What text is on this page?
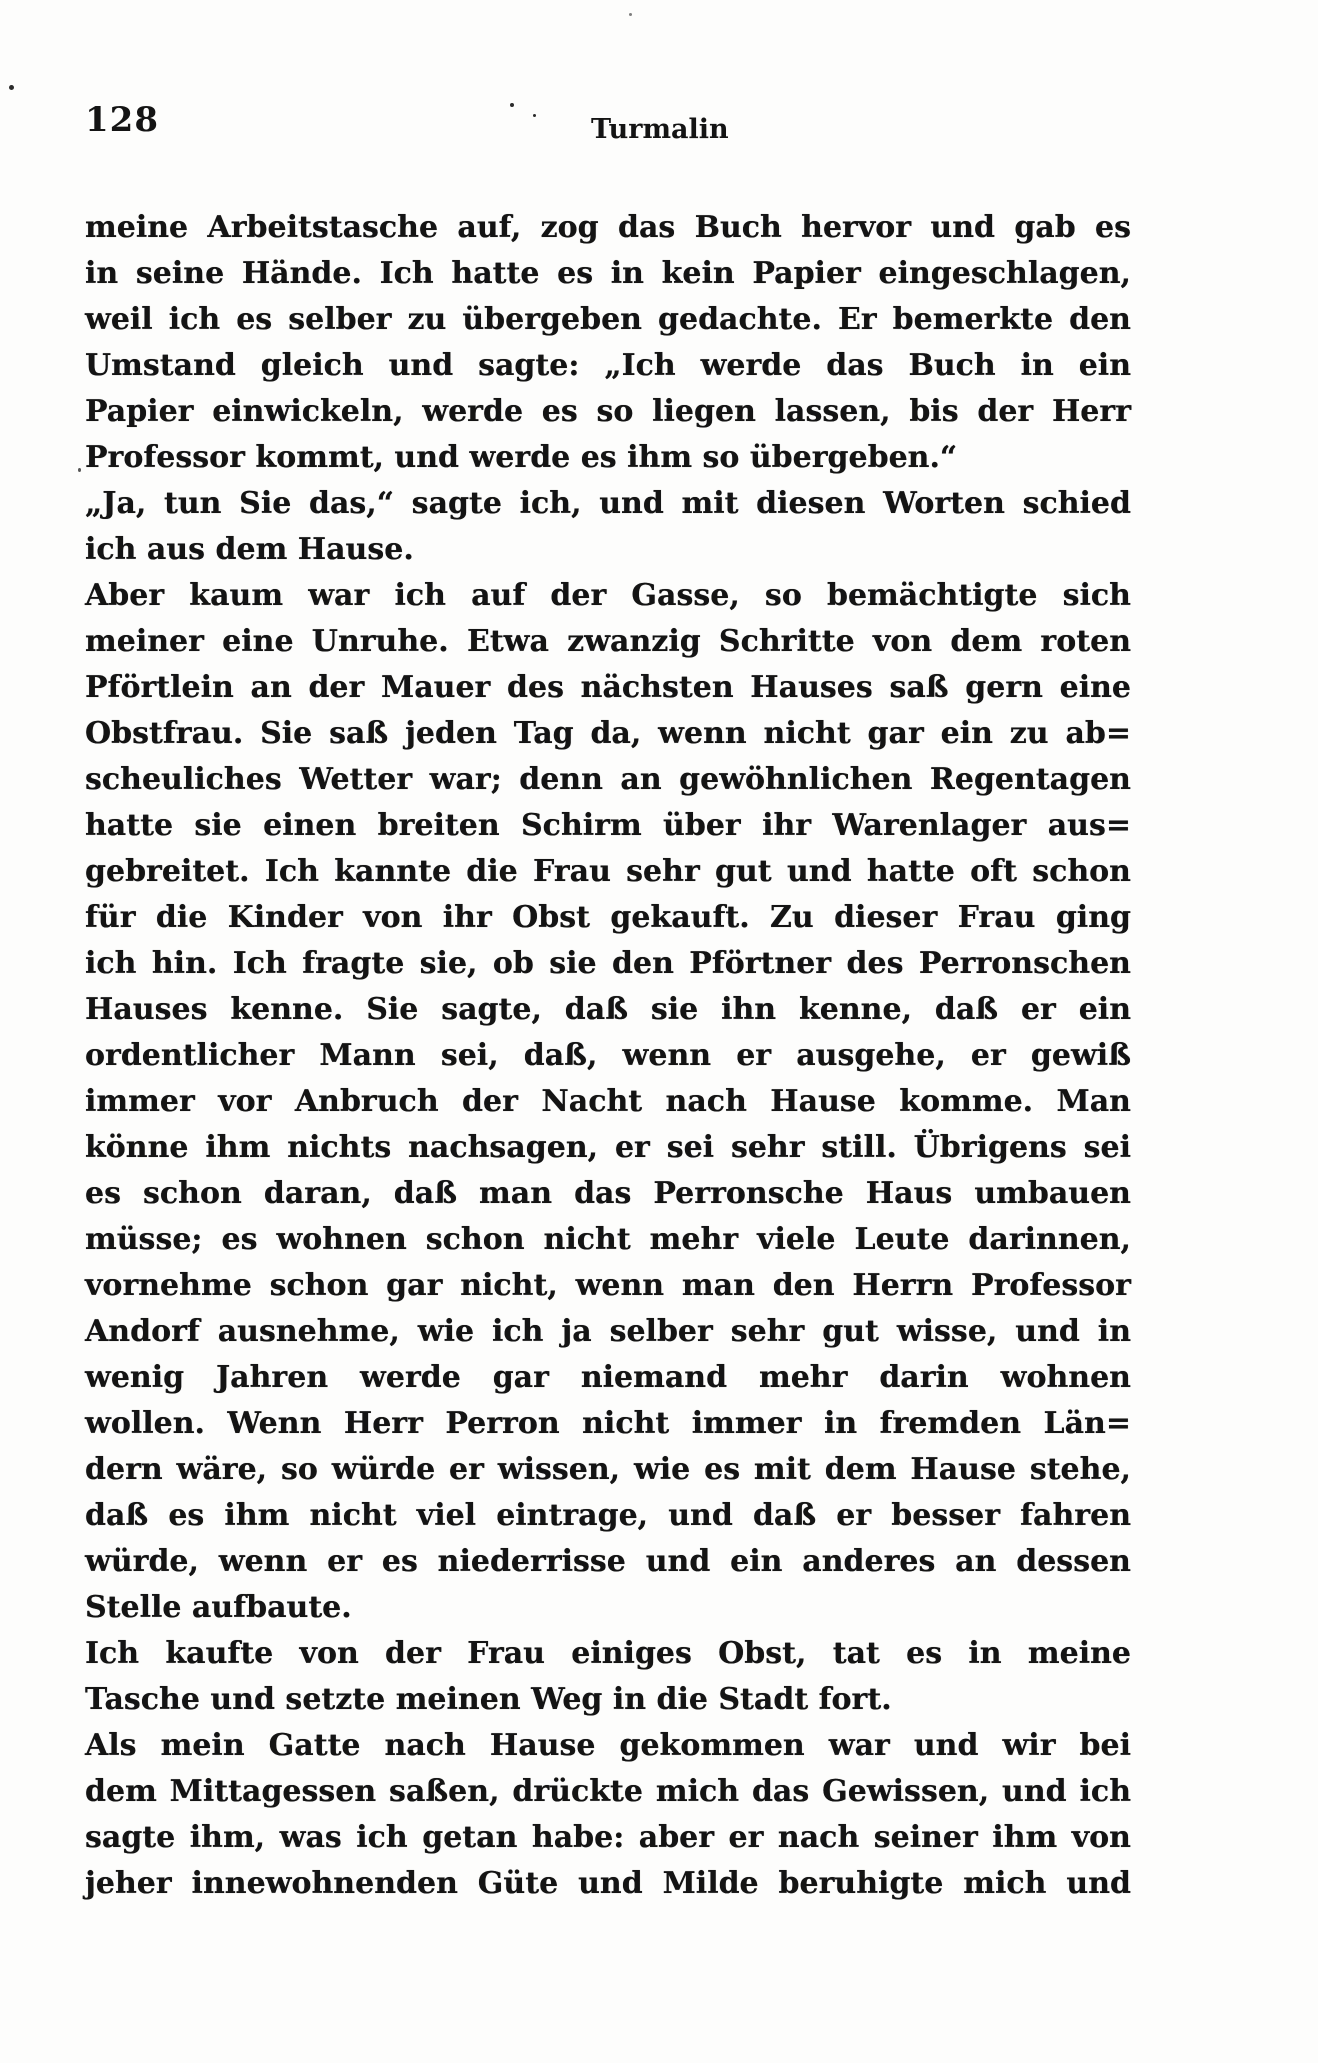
128	Turmalin
meine Arbeitstasche auf, zog das Buch hervor und gab es
in seine Hände. Ich hatte es in kein Papier eingeschlagen,
weil ich es selber zu übergeben gedachte. Er bemerkte den
Umstand gleich und sagte: „Ich werde das Buch in ein
Papier einwickeln, werde es so liegen lassen, bis der Herr
Professor kommt, und werde es ihm so übergeben.“
„Ja, tun Sie das,“ sagte ich, und mit diesen Worten schied
ich aus dem Hause.
Aber kaum war ich auf der Gasse, so bemächtigte sich
meiner eine Unruhe. Etwa zwanzig Schritte von dem roten
Pförtlein an der Mauer des nächsten Hauses saß gern eine
Obstfrau. Sie saß jeden Tag da, wenn nicht gar ein zu ab=
scheuliches Wetter war; denn an gewöhnlichen Regentagen
hatte sie einen breiten Schirm über ihr Warenlager aus=
gebreitet. Ich kannte die Frau sehr gut und hatte oft schon
für die Kinder von ihr Obst gekauft. Zu dieser Frau ging
ich hin. Ich fragte sie, ob sie den Pförtner des Perronschen
Hauses kenne. Sie sagte, daß sie ihn kenne, daß er ein
ordentlicher Mann sei, daß, wenn er ausgehe, er gewiß
immer vor Anbruch der Nacht nach Hause komme. Man
könne ihm nichts nachsagen, er sei sehr still. Übrigens sei
es schon daran, daß man das Perronsche Haus umbauen
müsse; es wohnen schon nicht mehr viele Leute darinnen,
vornehme schon gar nicht, wenn man den Herrn Professor
Andorf ausnehme, wie ich ja selber sehr gut wisse, und in
wenig Jahren werde gar niemand mehr darin wohnen
wollen. Wenn Herr Perron nicht immer in fremden Län=
dern wäre, so würde er wissen, wie es mit dem Hause stehe,
daß es ihm nicht viel eintrage, und daß er besser fahren
würde, wenn er es niederrisse und ein anderes an dessen
Stelle aufbaute.
Ich kaufte von der Frau einiges Obst, tat es in meine
Tasche und setzte meinen Weg in die Stadt fort.
Als mein Gatte nach Hause gekommen war und wir bei
dem Mittagessen saßen, drückte mich das Gewissen, und ich
sagte ihm, was ich getan habe: aber er nach seiner ihm von
jeher innewohnenden Güte und Milde beruhigte mich und
